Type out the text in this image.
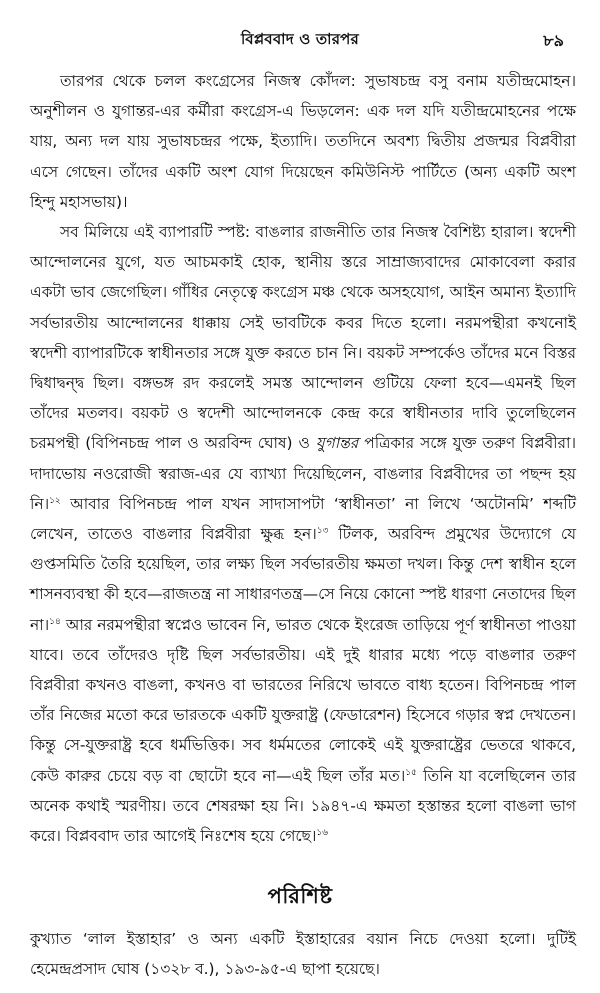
বিপ্লববাদ ও তারপর	৮৯

তারপর থেকে চলল কংগ্রেসের নিজস্ব কোঁদল: সুভাষচন্দ্র বসু বনাম যতীন্দ্রমোহন। অনুশীলন ও যুগান্তর-এর কর্মীরা কংগ্রেস-এ ভিড়লেন: এক দল যদি যতীন্দ্রমোহনের পক্ষে যায়, অন্য দল যায় সুভাষচন্দ্রর পক্ষে, ইত্যাদি। ততদিনে অবশ্য দ্বিতীয় প্রজন্মর বিপ্লবীরা এসে গেছেন। তাঁদের একটি অংশ যোগ দিয়েছেন কমিউনিস্ট পার্টিতে (অন্য একটি অংশ হিন্দু মহাসভায়)।

সব মিলিয়ে এই ব্যাপারটি স্পষ্ট: বাঙলার রাজনীতি তার নিজস্ব বৈশিষ্ট্য হারাল। স্বদেশী আন্দোলনের যুগে, যত আচমকাই হোক, স্থানীয় স্তরে সাম্রাজ্যবাদের মোকাবেলা করার একটা ভাব জেগেছিল। গাঁধির নেতৃত্বে কংগ্রেস মঞ্চ থেকে অসহযোগ, আইন অমান্য ইত্যাদি সর্বভারতীয় আন্দোলনের ধাক্কায় সেই ভাবটিকে কবর দিতে হলো। নরমপন্থীরা কখনোই স্বদেশী ব্যাপারটিকে স্বাধীনতার সঙ্গে যুক্ত করতে চান নি। বয়কট সম্পর্কেও তাঁদের মনে বিস্তর দ্বিধাদ্বন্দ্ব ছিল। বঙ্গভঙ্গ রদ করলেই সমস্ত আন্দোলন গুটিয়ে ফেলা হবে—এমনই ছিল তাঁদের মতলব। বয়কট ও স্বদেশী আন্দোলনকে কেন্দ্র করে স্বাধীনতার দাবি তুলেছিলেন চরমপন্থী (বিপিনচন্দ্র পাল ও অরবিন্দ ঘোষ) ও যুগান্তর পত্রিকার সঙ্গে যুক্ত তরুণ বিপ্লবীরা। দাদাভোয় নওরোজী স্বরাজ-এর যে ব্যাখ্যা দিয়েছিলেন, বাঙলার বিপ্লবীদের তা পছন্দ হয় নি।$^{১২}$ আবার বিপিনচন্দ্র পাল যখন সাদাসাপটা ‘স্বাধীনতা’ না লিখে ‘অটোনমি’ শব্দটি লেখেন, তাতেও বাঙলার বিপ্লবীরা ক্ষুব্ধ হন।$^{১৩}$ টিলক, অরবিন্দ প্রমুখের উদ্যোগে যে গুপ্তসমিতি তৈরি হয়েছিল, তার লক্ষ্য ছিল সর্বভারতীয় ক্ষমতা দখল। কিন্তু দেশ স্বাধীন হলে শাসনব্যবস্থা কী হবে—রাজতন্ত্র না সাধারণতন্ত্র—সে নিয়ে কোনো স্পষ্ট ধারণা নেতাদের ছিল না।$^{১৪}$ আর নরমপন্থীরা স্বপ্নেও ভাবেন নি, ভারত থেকে ইংরেজ তাড়িয়ে পূর্ণ স্বাধীনতা পাওয়া যাবে। তবে তাঁদেরও দৃষ্টি ছিল সর্বভারতীয়। এই দুই ধারার মধ্যে পড়ে বাঙলার তরুণ বিপ্লবীরা কখনও বাঙলা, কখনও বা ভারতের নিরিখে ভাবতে বাধ্য হতেন। বিপিনচন্দ্র পাল তাঁর নিজের মতো করে ভারতকে একটি যুক্তরাষ্ট্র (ফেডারেশন) হিসেবে গড়ার স্বপ্ন দেখতেন। কিন্তু সে-যুক্তরাষ্ট্র হবে ধর্মভিত্তিক। সব ধর্মমতের লোকেই এই যুক্তরাষ্ট্রের ভেতরে থাকবে, কেউ কারুর চেয়ে বড় বা ছোটো হবে না—এই ছিল তাঁর মত।$^{১৫}$ তিনি যা বলেছিলেন তার অনেক কথাই স্মরণীয়। তবে শেষরক্ষা হয় নি। ১৯৪৭-এ ক্ষমতা হস্তান্তর হলো বাঙলা ভাগ করে। বিপ্লববাদ তার আগেই নিঃশেষ হয়ে গেছে।$^{১৬}$

পরিশিষ্ট

কুখ্যাত ‘লাল ইস্তাহার’ ও অন্য একটি ইস্তাহারের বয়ান নিচে দেওয়া হলো। দুটিই হেমেন্দ্রপ্রসাদ ঘোষ (১৩২৮ ব.), ১৯৩-৯৫-এ ছাপা হয়েছে।
